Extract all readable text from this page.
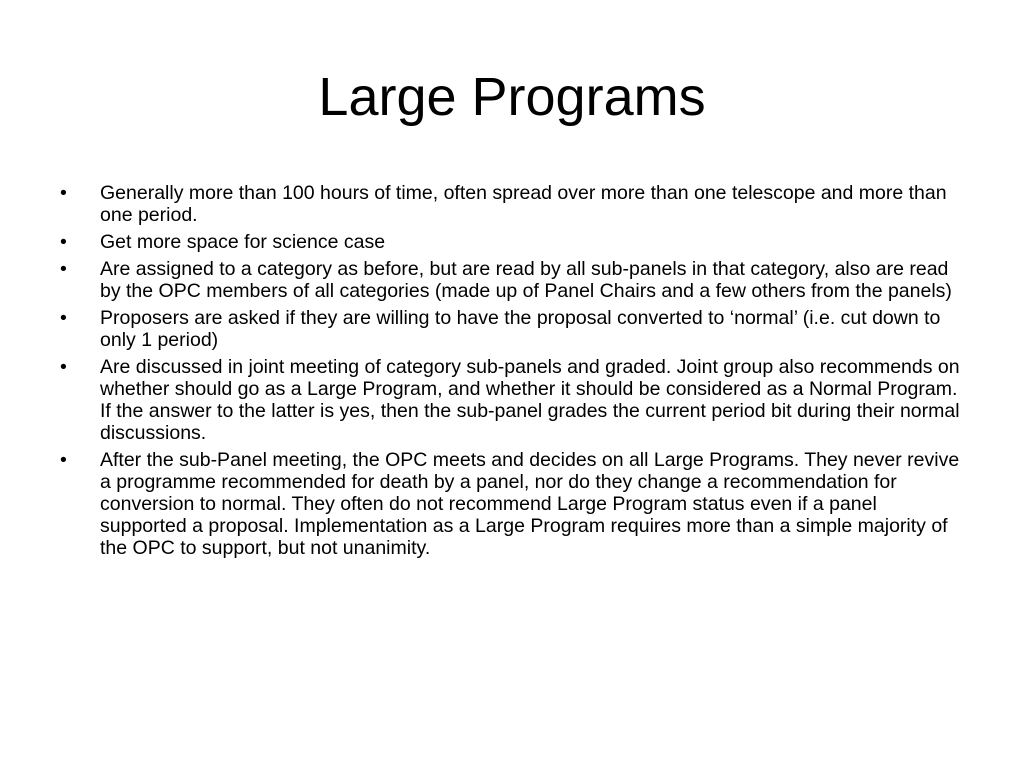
Large Programs
•	Generally more than 100 hours of time, often spread over more than one telescope and more than one period.
•	Get more space for science case
•	Are assigned to a category as before, but are read by all sub-panels in that category, also are read by the OPC members of all categories (made up of Panel Chairs and a few others from the panels)
•	Proposers are asked if they are willing to have the proposal converted to ‘normal’ (i.e. cut down to only 1 period)
•	Are discussed in joint meeting of category sub-panels and graded. Joint group also recommends on whether should go as a Large Program, and whether it should be considered as a Normal Program. If the answer to the latter is yes, then the sub-panel grades the current period bit during their normal discussions.
•	After the sub-Panel meeting, the OPC meets and decides on all Large Programs. They never revive a programme recommended for death by a panel, nor do they change a recommendation for conversion to normal. They often do not recommend Large Program status even if a panel supported a proposal. Implementation as a Large Program requires more than a simple majority of the OPC to support, but not unanimity.
